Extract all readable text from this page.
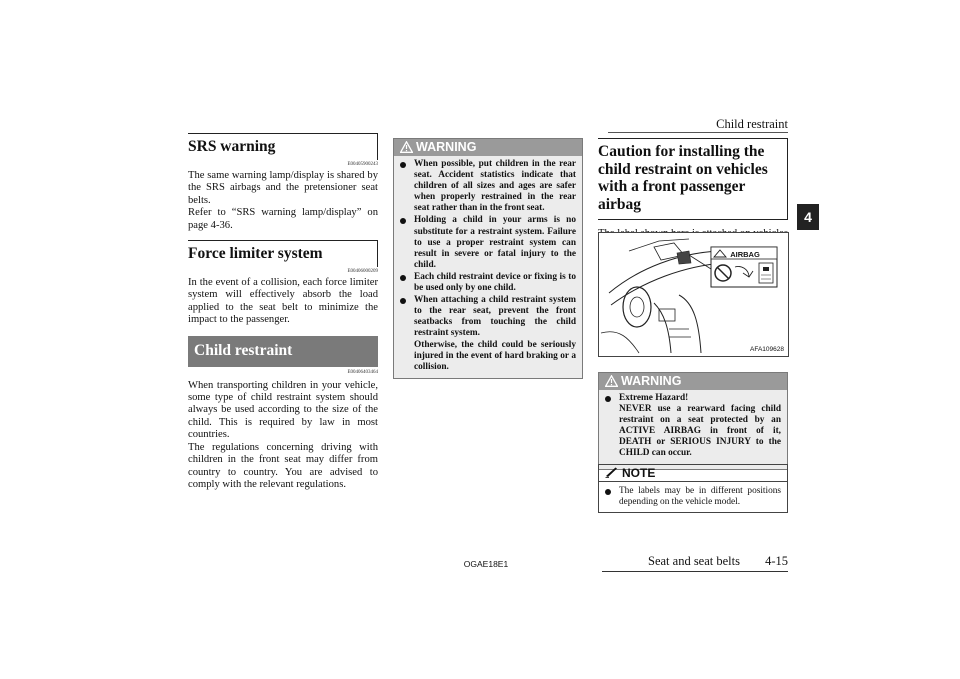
Child restraint
4
SRS warning
E00405900243

The same warning lamp/display is shared by the SRS airbags and the pretensioner seat belts.

Refer to “SRS warning lamp/display” on page 4-36.

Force limiter system
E00406000209

In the event of a collision, each force limiter system will effectively absorb the load applied to the seat belt to minimize the impact to the passenger.

Child restraint
E00406403464

When transporting children in your vehicle, some type of child restraint system should always be used according to the size of the child. This is required by law in most countries.

The regulations concerning driving with children in the front seat may differ from country to country. You are advised to comply with the relevant regulations.

WARNING
When possible, put children in the rear seat. Accident statistics indicate that children of all sizes and ages are safer when properly restrained in the rear seat rather than in the front seat.
Holding a child in your arms is no substitute for a restraint system. Failure to use a proper restraint system can result in severe or fatal injury to the child.
Each child restraint device or fixing is to be used only by one child.
When attaching a child restraint system to the rear seat, prevent the front seatbacks from touching the child restraint system.
Otherwise, the child could be seriously injured in the event of hard braking or a collision.
Caution for installing the child restraint on vehicles with a front passenger airbag

AIRBAG
AFA109628
WARNING
Extreme Hazard!
NEVER use a rearward facing child restraint on a seat protected by an ACTIVE AIRBAG in front of it, DEATH or SERIOUS INJURY to the CHILD can occur.
NOTE
The labels may be in different positions depending on the vehicle model.
OGAE18E1	Seat and seat belts	4-15
